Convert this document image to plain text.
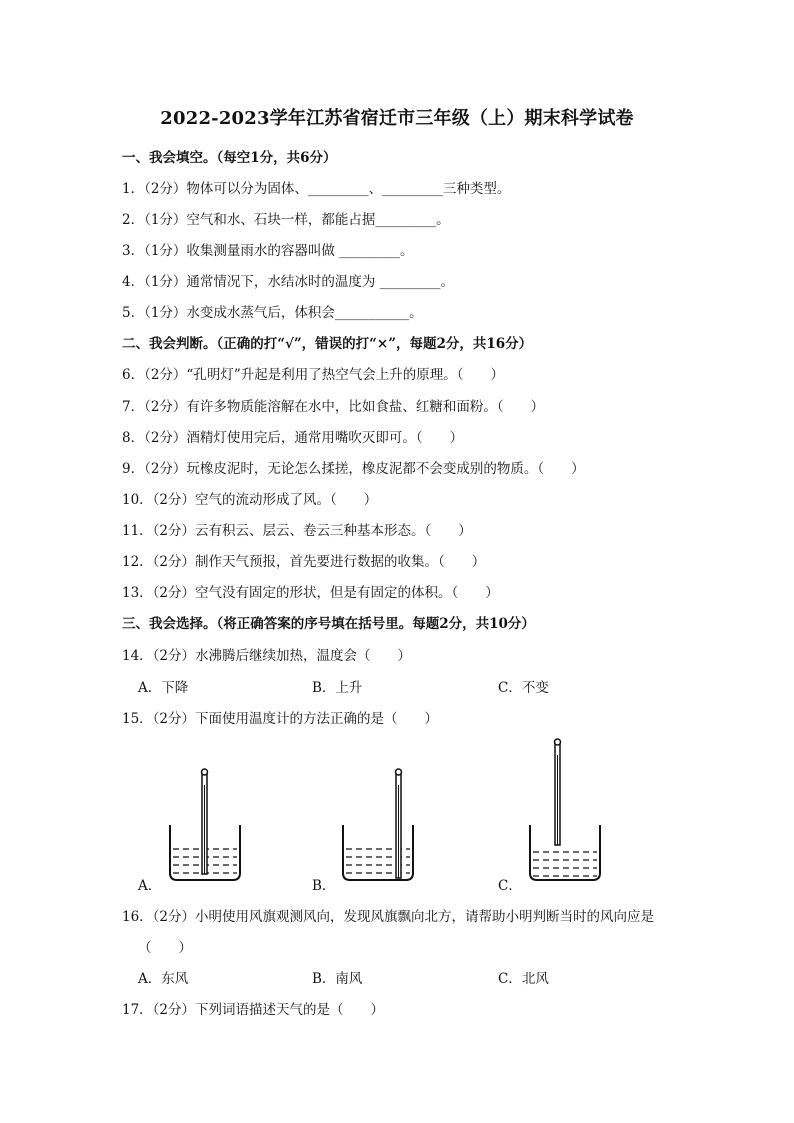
2022-2023学年江苏省宿迁市三年级（上）期末科学试卷
一、我会填空。（每空1分，共6分）
1．（2分）物体可以分为固体、_________、_________三种类型。
2．（1分）空气和水、石块一样，都能占据_________。
3．（1分）收集测量雨水的容器叫做 _________。
4．（1分）通常情况下，水结冰时的温度为 _________。
5．（1分）水变成水蒸气后，体积会___________。
二、我会判断。（正确的打“√”，错误的打“×”，每题2分，共16分）
6．（2分）“孔明灯”升起是利用了热空气会上升的原理。（　　）
7．（2分）有许多物质能溶解在水中，比如食盐、红糖和面粉。（　　）
8．（2分）酒精灯使用完后，通常用嘴吹灭即可。（　　）
9．（2分）玩橡皮泥时，无论怎么揉搓，橡皮泥都不会变成别的物质。（　　）
10．（2分）空气的流动形成了风。（　　）
11．（2分）云有积云、层云、卷云三种基本形态。（　　）
12．（2分）制作天气预报，首先要进行数据的收集。（　　）
13．（2分）空气没有固定的形状，但是有固定的体积。（　　）
三、我会选择。（将正确答案的序号填在括号里。每题2分，共10分）
14．（2分）水沸腾后继续加热，温度会（　　）
A．下降	B．上升	C．不变
15．（2分）下面使用温度计的方法正确的是（　　）
A．	B．	C．
16．（2分）小明使用风旗观测风向，发现风旗飘向北方，请帮助小明判断当时的风向应是
（　　）
A．东风	B．南风	C．北风
17．（2分）下列词语描述天气的是（　　）
